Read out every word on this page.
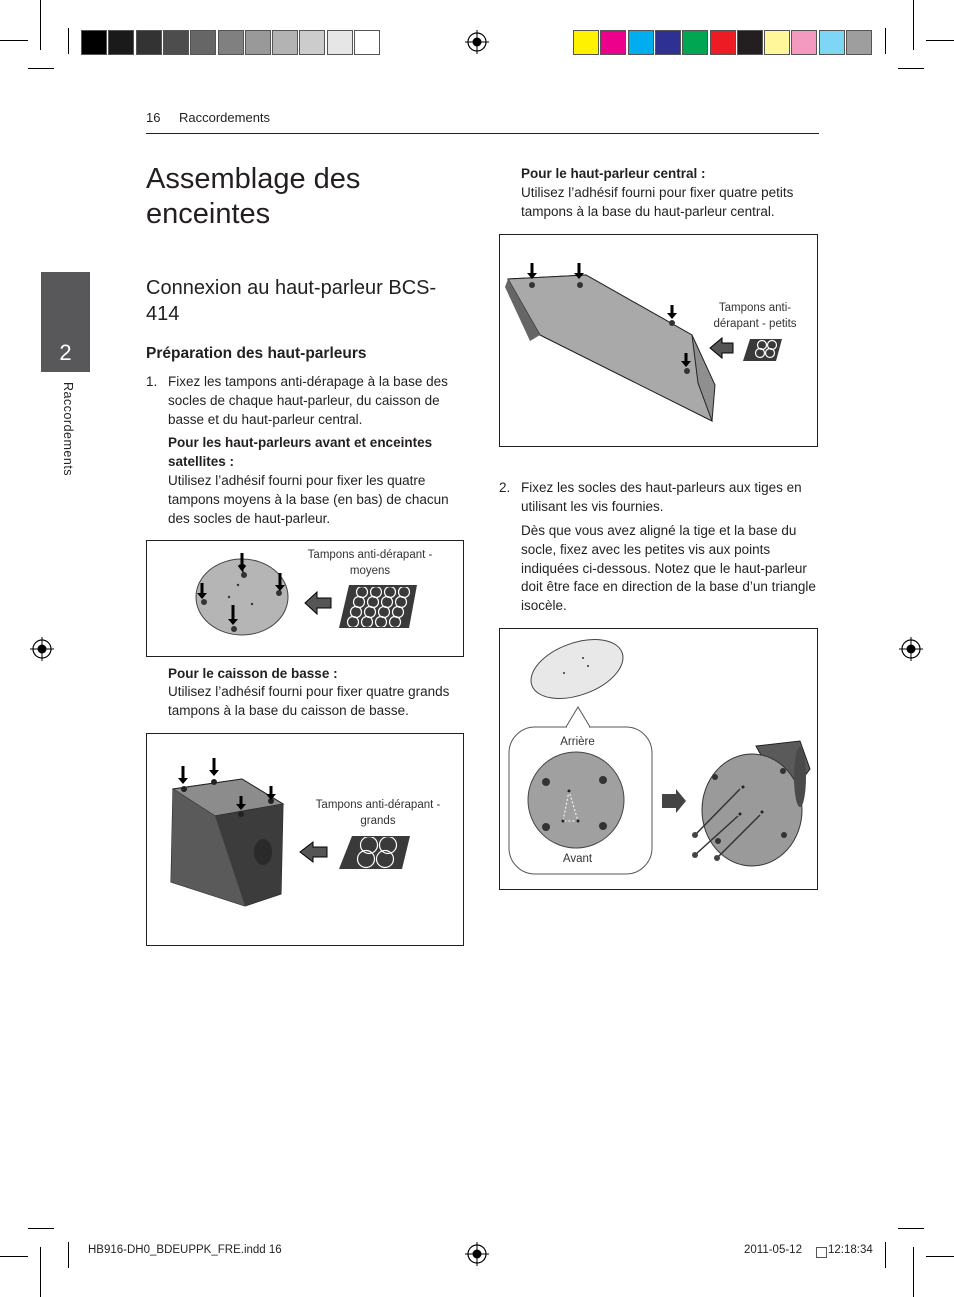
16 Raccordements
2
Raccordements
Assemblage des enceintes
Connexion au haut-parleur BCS-414
Préparation des haut-parleurs
1. Fixez les tampons anti-dérapage à la base des socles de chaque haut-parleur, du caisson de basse et du haut-parleur central.
Pour les haut-parleurs avant et enceintes satellites :
Utilisez l’adhésif fourni pour fixer les quatre tampons moyens à la base (en bas) de chacun des socles de haut-parleur.
Tampons anti-dérapant - moyens
Pour le caisson de basse :
Utilisez l’adhésif fourni pour fixer quatre grands tampons à la base du caisson de basse.
Tampons anti-dérapant - grands
Pour le haut-parleur central :
Utilisez l’adhésif fourni pour fixer quatre petits tampons à la base du haut-parleur central.
Tampons anti-dérapant - petits
2. Fixez les socles des haut-parleurs aux tiges en utilisant les vis fournies.
Dès que vous avez aligné la tige et la base du socle, fixez avec les petites vis aux points indiquées ci-dessous. Notez que le haut-parleur doit être face en direction de la base d’un triangle isocèle.
Arrière
Avant
HB916-DH0_BDEUPPK_FRE.indd 16	2011-05-12 12:18:34
